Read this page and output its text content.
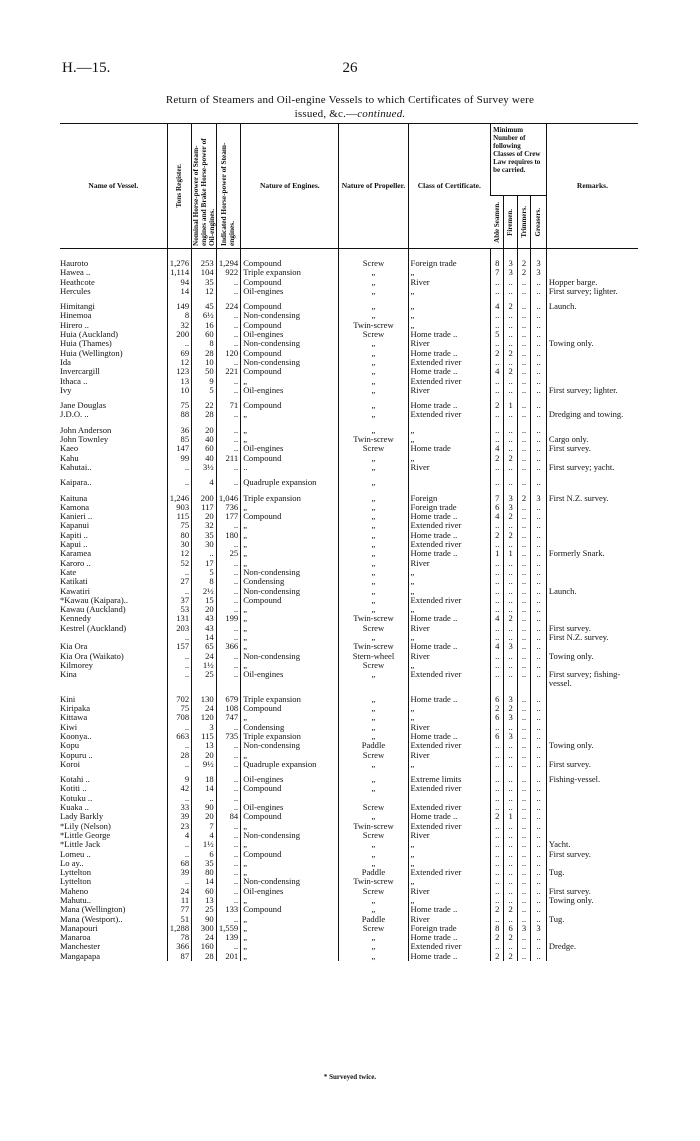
H.—15.	26
Return of Steamers and Oil-engine Vessels to which Certificates of Survey were
issued, &c.—continued.
Name of Vessel.	Tons Register.	Nominal Horse-power of Steam-engines and Brake Horse-power of Oil-engines.	Indicated Horse-power of Steam-engines.	Nature of Engines.	Nature of Propeller.	Class of Certificate.	Minimum Number of following Classes of Crew Law requires to be carried.				Remarks.

							Able Seamen.	Firemen.	Trimmers.	Greasers.	

Hauroto	1,276	253	1,294	Compound	Screw	Foreign trade	8	3	2	3	
Hawea ..	1,114	104	922	Triple expansion	„	„	7	3	2	3	
Heathcote	94	35	..	Compound	„	River	..	..	..	..	Hopper barge.
Hercules	14	12	..	Oil-engines	„	„	..	..	..	..	First survey; lighter.

Himitangi	149	45	224	Compound	„	„	4	2	..	..	Launch.
Hinemoa	8	6½	..	Non-condensing	„	„	..	..	..	..	
Hirero ..	32	16	..	Compound	Twin-screw	„	..	..	..	..	
Huia (Auckland)	200	60	..	Oil-engines	Screw	Home trade ..	5	..	..	..	
Huia (Thames)	..	8	..	Non-condensing	„	River	..	..	..	..	Towing only.
Huia (Wellington)	69	28	120	Compound	„	Home trade ..	2	2	..	..	
Ida	12	10	..	Non-condensing	„	Extended river	..	..	..	..	
Invercargill	123	50	221	Compound	„	Home trade ..	4	2	..	..	
Ithaca ..	13	9	..	„	„	Extended river	..	..	..	..	
Ivy	10	5	..	Oil-engines	„	River	..	..	..	..	First survey; lighter.

Jane Douglas	75	22	71	Compound	„	Home trade ..	2	1	..	..	
J.D.O. ..	88	28	..	„	„	Extended river	..	..	..	..	Dredging and towing.

John Anderson	36	20	..	„	„	„	..	..	..	..	
John Townley	85	40	..	„	Twin-screw	„	..	..	..	..	Cargo only.
Kaeo	147	60	..	Oil-engines	Screw	Home trade	4	..	..	..	First survey.
Kahu	99	40	211	Compound	„	„	2	2	..	..	
Kahutai..	..	3½	..	..	„	River	..	..	..	..	First survey; yacht.

Kaipara..	..	4	..	Quadruple expansion	„		..	..	..	..	

Kaituna	1,246	200	1,046	Triple expansion	„	Foreign	7	3	2	3	First N.Z. survey.
Kamona	903	117	736	„	„	Foreign trade	6	3	..	..	
Kanieri ..	115	20	177	Compound	„	Home trade ..	4	2	..	..	
Kapanui	75	32	..	„	„	Extended river	..	..	..	..	
Kapiti ..	80	35	180	„	„	Home trade ..	2	2	..	..	
Kapui ..	30	30	..	„	„	Extended river	..	..	..	..	
Karamea	12	..	25	„	„	Home trade ..	1	1	..	..	Formerly Snark.
Karoro ..	52	17	..	„	„	River	..	..	..	..	
Kate	..	5	..	Non-condensing	„	„	..	..	..	..	
Katikati	27	8	..	Condensing	„	„	..	..	..	..	
Kawatiri	..	2½	..	Non-condensing	„	„	..	..	..	..	Launch.
*Kawau (Kaipara)..	37	15	..	Compound	„	Extended river	..	..	..	..	
Kawau (Auckland)	53	20	..	„	„	„	..	..	..	..	
Kennedy	131	43	199	„	Twin-screw	Home trade ..	4	2	..	..	
Kestrel (Auckland)	203	43	..	„	Screw	River	..	..	..	..	First survey.
	..	14	..	„	„	„	..	..	..	..	First N.Z. survey.
Kia Ora	157	65	366	„	Twin-screw	Home trade ..	4	3	..	..	
Kia Ora (Waikato)	..	24	..	Non-condensing	Stern-wheel	River	..	..	..	..	Towing only.
Kilmorey	..	1½	..	„	Screw	„	..	..	..	..	
Kina	..	25	..	Oil-engines	„	Extended river	..	..	..	..	First survey; fishing-vessel.

Kini	702	130	679	Triple expansion	„	Home trade ..	6	3	..	..	
Kiripaka	75	24	108	Compound	„	„	2	2	..	..	
Kittawa	708	120	747	„	„	„	6	3	..	..	
Kiwi	..	3	..	Condensing	„	River	..	..	..	..	
Koonya..	663	115	735	Triple expansion	„	Home trade ..	6	3	..	..	
Kopu	..	13	..	Non-condensing	Paddle	Extended river	..	..	..	..	Towing only.
Kopuru ..	28	20	..	„	Screw	River	..	..	..	..	
Koroi	..	9½	..	Quadruple expansion	„	„	..	..	..	..	First survey.

Kotahi ..	9	18	..	Oil-engines	„	Extreme limits	..	..	..	..	Fishing-vessel.
Kotiti ..	42	14	..	Compound	„	Extended river	..	..	..	..	
Kotuku ..	..	..	..				..	..	..	..	
Kuaka ..	33	90	..	Oil-engines	Screw	Extended river	..	..	..	..	
Lady Barkly	39	20	84	Compound	„	Home trade ..	2	1	..	..	
*Lily (Nelson)	23	7	..	„	Twin-screw	Extended river	..	..	..	..	
*Little George	4	4	..	Non-condensing	Screw	River	..	..	..	..	
*Little Jack	..	1½	..	„	„	„	..	..	..	..	Yacht.
Lomeu ..	..	6	..	Compound	„	„	..	..	..	..	First survey.
Lo ay..	68	35	..	„	„	„	..	..	..	..	
Lyttelton	39	80	..	„	Paddle	Extended river	..	..	..	..	Tug.
Lyttelton	..	14	..	Non-condensing	Twin-screw	„	..	..	..	..	
Maheno	24	60	..	Oil-engines	Screw	River	..	..	..	..	First survey.
Mahutu..	11	13	..	„	„	„	..	..	..	..	Towing only.
Mana (Wellington)	77	25	133	Compound	„	Home trade ..	2	2	..	..	
Mana (Westport)..	51	90	..	„	Paddle	River	..	..	..	..	Tug.
Manapouri	1,288	300	1,559	„	Screw	Foreign trade	8	6	3	3	
Manaroa	78	24	139	„	„	Home trade ..	2	2	..	..	
Manchester	366	160	..	„	„	Extended river	..	..	..	..	Dredge.
Mangapapa	87	28	201	„	„	Home trade ..	2	2	..	..	
* Surveyed twice.
